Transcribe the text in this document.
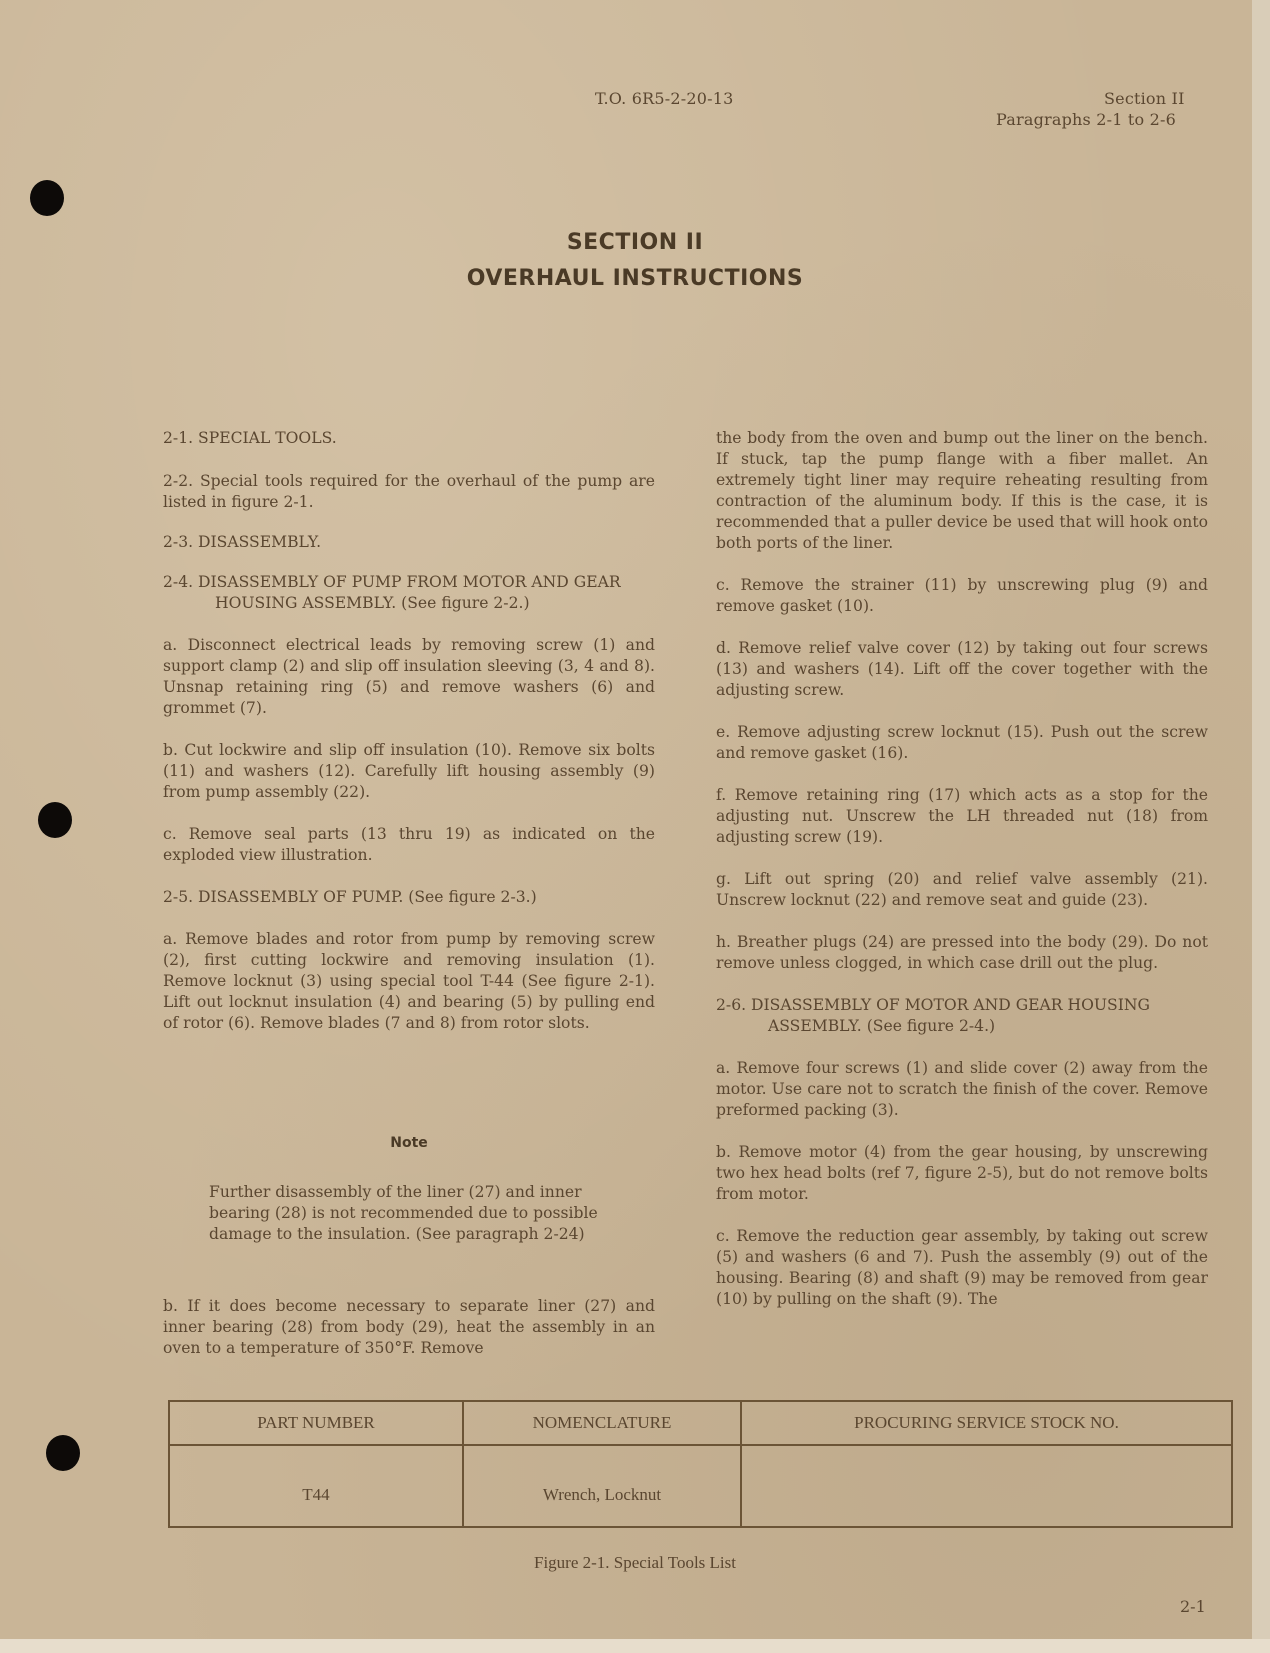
T.O. 6R5-2-20-13	Section II
Paragraphs 2-1 to 2-6
SECTION II
OVERHAUL INSTRUCTIONS

2-1. SPECIAL TOOLS.

2-2. Special tools required for the overhaul of the pump are listed in figure 2-1.

2-3. DISASSEMBLY.

2-4. DISASSEMBLY OF PUMP FROM MOTOR AND GEAR HOUSING ASSEMBLY. (See figure 2-2.)

a. Disconnect electrical leads by removing screw (1) and support clamp (2) and slip off insulation sleeving (3, 4 and 8). Unsnap retaining ring (5) and remove washers (6) and grommet (7).

b. Cut lockwire and slip off insulation (10). Remove six bolts (11) and washers (12). Carefully lift housing assembly (9) from pump assembly (22).

c. Remove seal parts (13 thru 19) as indicated on the exploded view illustration.

2-5. DISASSEMBLY OF PUMP. (See figure 2-3.)

a. Remove blades and rotor from pump by removing screw (2), first cutting lockwire and removing insulation (1). Remove locknut (3) using special tool T-44 (See figure 2-1). Lift out locknut insulation (4) and bearing (5) by pulling end of rotor (6). Remove blades (7 and 8) from rotor slots.

Note

Further disassembly of the liner (27) and inner bearing (28) is not recommended due to possible damage to the insulation. (See paragraph 2-24)

b. If it does become necessary to separate liner (27) and inner bearing (28) from body (29), heat the assembly in an oven to a temperature of 350°F. Remove

the body from the oven and bump out the liner on the bench. If stuck, tap the pump flange with a fiber mallet. An extremely tight liner may require reheating resulting from contraction of the aluminum body. If this is the case, it is recommended that a puller device be used that will hook onto both ports of the liner.

c. Remove the strainer (11) by unscrewing plug (9) and remove gasket (10).

d. Remove relief valve cover (12) by taking out four screws (13) and washers (14). Lift off the cover together with the adjusting screw.

e. Remove adjusting screw locknut (15). Push out the screw and remove gasket (16).

f. Remove retaining ring (17) which acts as a stop for the adjusting nut. Unscrew the LH threaded nut (18) from adjusting screw (19).

g. Lift out spring (20) and relief valve assembly (21). Unscrew locknut (22) and remove seat and guide (23).

h. Breather plugs (24) are pressed into the body (29). Do not remove unless clogged, in which case drill out the plug.

2-6. DISASSEMBLY OF MOTOR AND GEAR HOUSING ASSEMBLY. (See figure 2-4.)

a. Remove four screws (1) and slide cover (2) away from the motor. Use care not to scratch the finish of the cover. Remove preformed packing (3).

b. Remove motor (4) from the gear housing, by unscrewing two hex head bolts (ref 7, figure 2-5), but do not remove bolts from motor.

c. Remove the reduction gear assembly, by taking out screw (5) and washers (6 and 7). Push the assembly (9) out of the housing. Bearing (8) and shaft (9) may be removed from gear (10) by pulling on the shaft (9). The

PART NUMBER	NOMENCLATURE	PROCURING SERVICE STOCK NO.
T44	Wrench, Locknut	
Figure 2-1. Special Tools List
2-1
